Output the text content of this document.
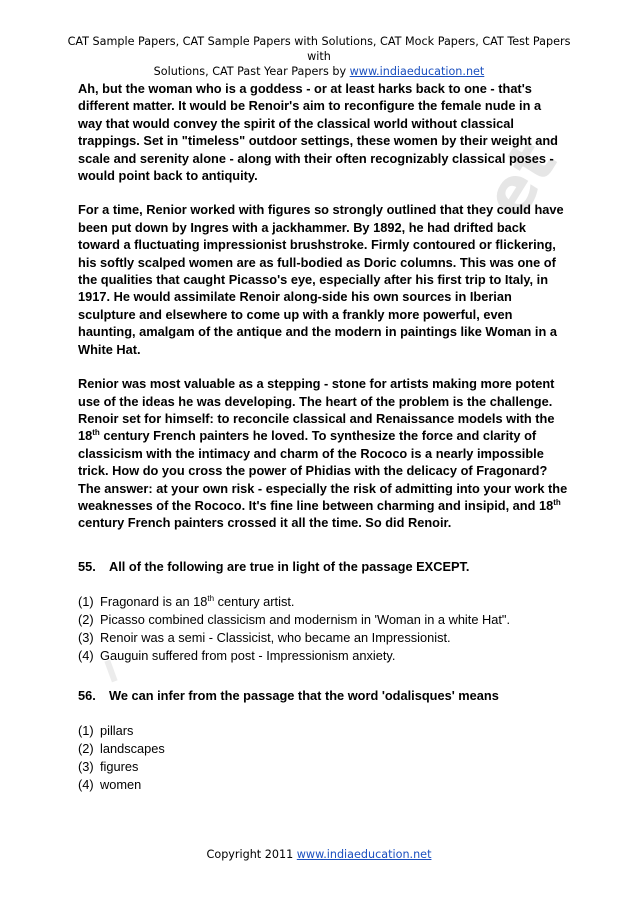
CAT Sample Papers, CAT Sample Papers with Solutions, CAT Mock Papers, CAT Test Papers with
Solutions, CAT Past Year Papers by www.indiaeducation.net
et

Ah, but the woman who is a goddess - or at least harks back to one - that's different matter. It would be Renoir's aim to reconfigure the female nude in a way that would convey the spirit of the classical world without classical trappings. Set in "timeless" outdoor settings, these women by their weight and scale and serenity alone - along with their often recognizably classical poses - would point back to antiquity.

For a time, Renior worked with figures so strongly outlined that they could have been put down by Ingres with a jackhammer. By 1892, he had drifted back toward a fluctuating impressionist brushstroke. Firmly contoured or flickering, his softly scalped women are as full-bodied as Doric columns. This was one of the qualities that caught Picasso's eye, especially after his first trip to Italy, in 1917. He would assimilate Renoir along-side his own sources in Iberian sculpture and elsewhere to come up with a frankly more powerful, even haunting, amalgam of the antique and the modern in paintings like Woman in a White Hat.

Renior was most valuable as a stepping - stone for artists making more potent use of the ideas he was developing. The heart of the problem is the challenge. Renoir set for himself: to reconcile classical and Renaissance models with the 18th century French painters he loved. To synthesize the force and clarity of classicism with the intimacy and charm of the Rococo is a nearly impossible trick. How do you cross the power of Phidias with the delicacy of Fragonard? The answer: at your own risk - especially the risk of admitting into your work the weaknesses of the Rococo. It's fine line between charming and insipid, and 18th century French painters crossed it all the time. So did Renoir.

55. All of the following are true in light of the passage EXCEPT.

(1) Fragonard is an 18th century artist.
(2) Picasso combined classicism and modernism in 'Woman in a white Hat".
(3) Renoir was a semi - Classicist, who became an Impressionist.
(4) Gauguin suffered from post - Impressionism anxiety.

56. We can infer from the passage that the word 'odalisques' means

(1) pillars
(2) landscapes
(3) figures
(4) women
Copyright 2011 www.indiaeducation.net
